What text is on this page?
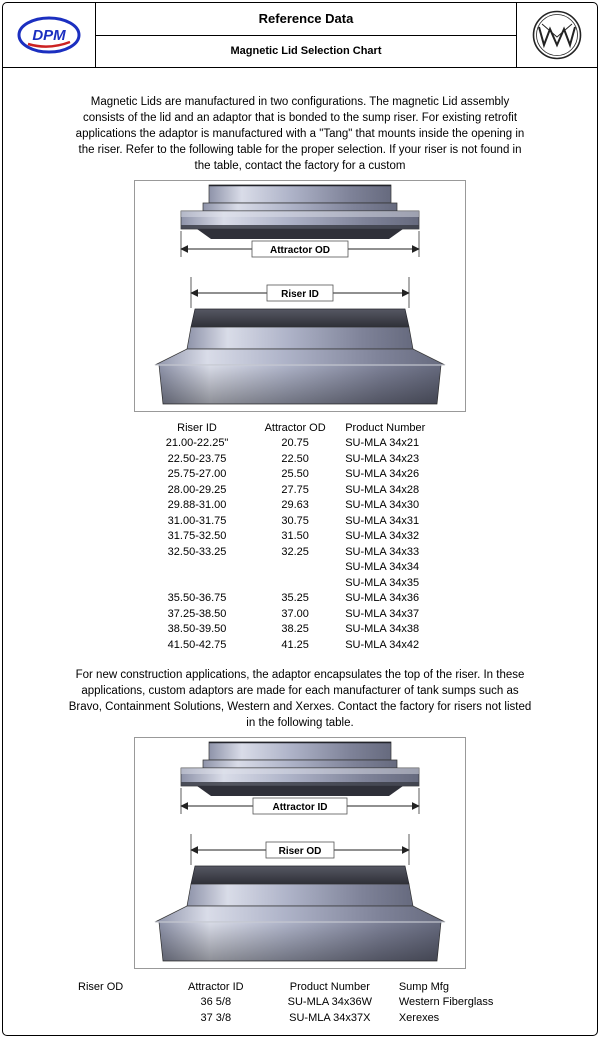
DPM
Reference Data
Magnetic Lid Selection Chart
Magnetic Lids are manufactured in two configurations. The magnetic Lid assembly consists of the lid and an adaptor that is bonded to the sump riser. For existing retrofit applications the adaptor is manufactured with a "Tang" that mounts inside the opening in the riser. Refer to the following table for the proper selection. If your riser is not found in the table, contact the factory for a custom
Attractor OD
Riser ID
Riser ID	Attractor OD	Product Number
21.00-22.25"	20.75	SU-MLA 34x21
22.50-23.75	22.50	SU-MLA 34x23
25.75-27.00	25.50	SU-MLA 34x26
28.00-29.25	27.75	SU-MLA 34x28
29.88-31.00	29.63	SU-MLA 34x30
31.00-31.75	30.75	SU-MLA 34x31
31.75-32.50	31.50	SU-MLA 34x32
32.50-33.25	32.25	SU-MLA 34x33
		SU-MLA 34x34
		SU-MLA 34x35
35.50-36.75	35.25	SU-MLA 34x36
37.25-38.50	37.00	SU-MLA 34x37
38.50-39.50	38.25	SU-MLA 34x38
41.50-42.75	41.25	SU-MLA 34x42
For new construction applications, the adaptor encapsulates the top of the riser. In these applications, custom adaptors are made for each manufacturer of tank sumps such as Bravo, Containment Solutions, Western and Xerxes. Contact the factory for risers not listed in the following table.
Attractor ID
Riser OD
Riser OD	Attractor ID	Product Number	Sump Mfg
	36 5/8	SU-MLA 34x36W	Western Fiberglass
	37 3/8	SU-MLA 34x37X	Xerexes
